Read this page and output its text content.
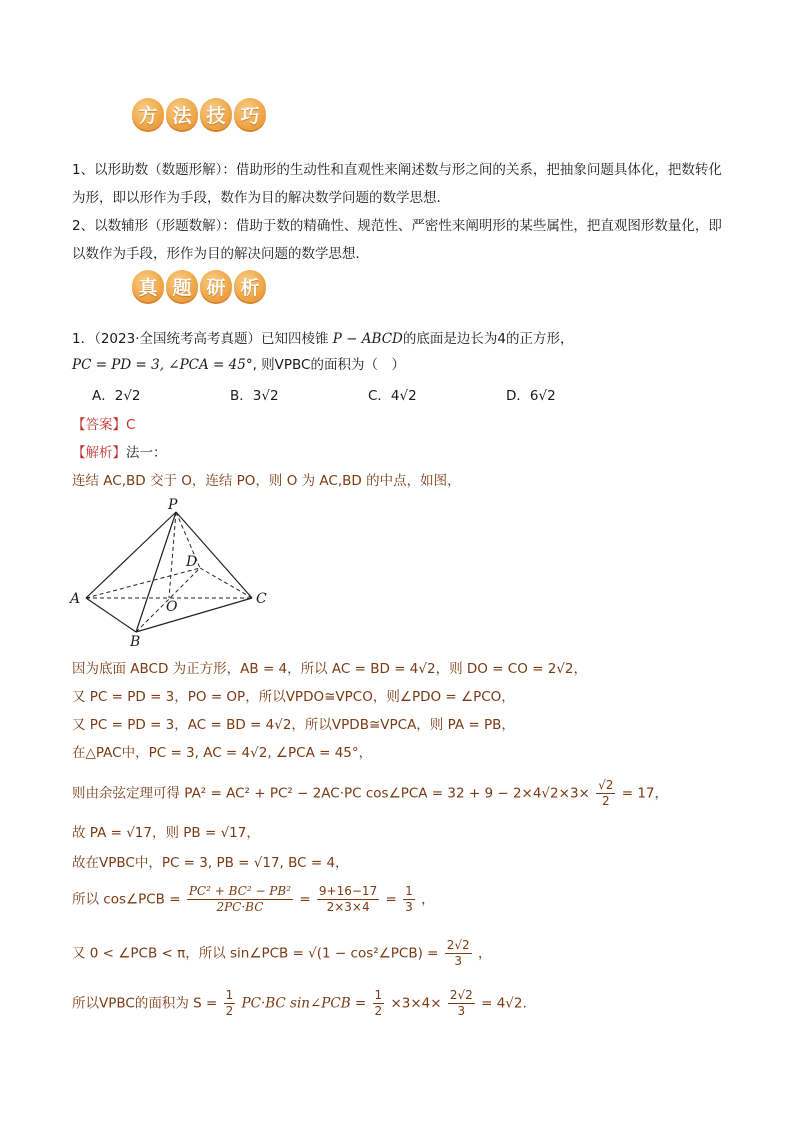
方 法 技 巧
1、以形助数（数题形解）：借助形的生动性和直观性来阐述数与形之间的关系，把抽象问题具体化，把数转化为形，即以形作为手段，数作为目的解决数学问题的数学思想．
2、以数辅形（形题数解）：借助于数的精确性、规范性、严密性来阐明形的某些属性，把直观图形数量化，即以数作为手段，形作为目的解决问题的数学思想．
真 题 研 析
1．（2023·全国统考高考真题）已知四棱锥 P − ABCD的底面是边长为4的正方形，
PC = PD = 3, ∠PCA = 45°, 则VPBC的面积为（　）
A．2√2	B．3√2	C．4√2	D．6√2
【答案】C
【解析】法一：
连结 AC,BD 交于 O，连结 PO，则 O 为 AC,BD 的中点，如图，
P
D
O
A	C
B
因为底面 ABCD 为正方形，AB = 4，所以 AC = BD = 4√2，则 DO = CO = 2√2，
又 PC = PD = 3，PO = OP，所以VPDO≅VPCO，则∠PDO = ∠PCO，
又 PC = PD = 3，AC = BD = 4√2，所以VPDB≅VPCA，则 PA = PB，
在△PAC中，PC = 3, AC = 4√2, ∠PCA = 45°，
则由余弦定理可得 PA² = AC² + PC² − 2AC·PC cos∠PCA = $32 + 9 - 2\times 4√2\times 3\times \frac{√2}{2} = 17$，
故 PA = √17，则 PB = √17，
故在VPBC中，PC = 3, PB = √17, BC = 4，
所以 cos∠PCB = $\frac{\text{PC² + BC² − PB²}}{2PC\cdot BC} = \frac{9+16-17}{2\times 3\times 4} = \frac{1}{3}$ ，
又 0 < ∠PCB < π，所以 sin∠PCB = √(1 − cos²∠PCB) = $\frac{2√2}{3}$ ，
所以VPBC的面积为 $S = \frac{1}{2} PC\cdot BC$ sin∠PCB = $\frac{1}{2} \times 3\times 4\times \frac{2√2}{3} = 4√2$.
